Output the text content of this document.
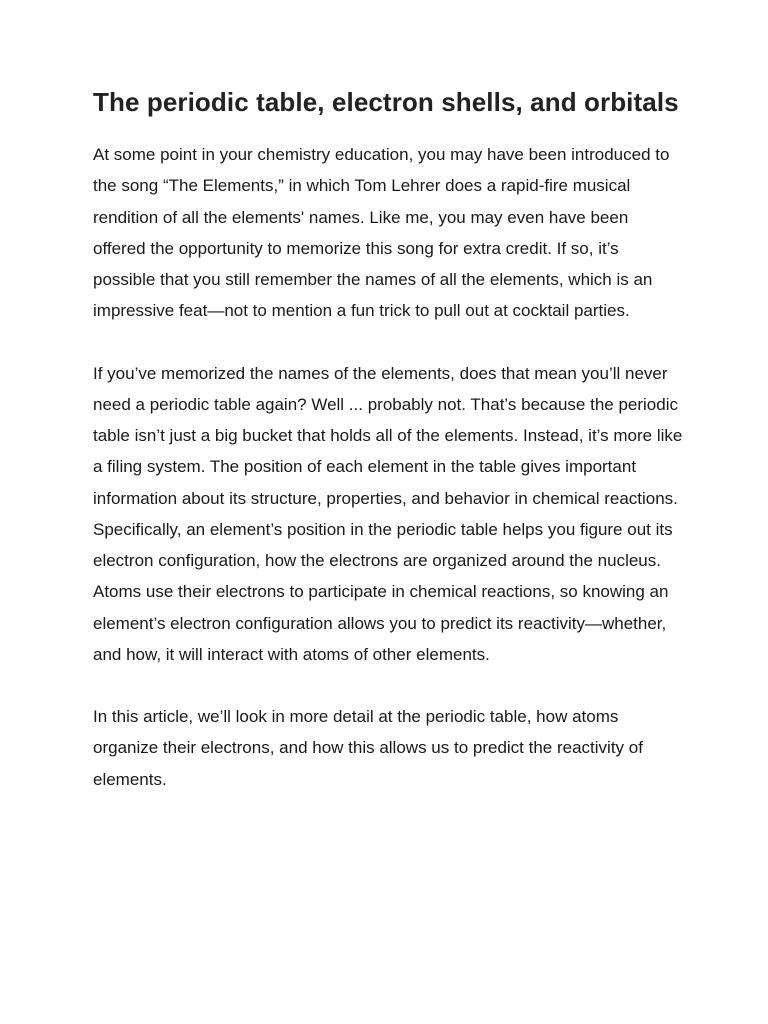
The periodic table, electron shells, and orbitals

At some point in your chemistry education, you may have been introduced to the song “The Elements,” in which Tom Lehrer does a rapid-fire musical rendition of all the elements' names. Like me, you may even have been offered the opportunity to memorize this song for extra credit. If so, it’s possible that you still remember the names of all the elements, which is an impressive feat—not to mention a fun trick to pull out at cocktail parties.

If you’ve memorized the names of the elements, does that mean you’ll never need a periodic table again? Well ... probably not. That’s because the periodic table isn’t just a big bucket that holds all of the elements. Instead, it’s more like a filing system. The position of each element in the table gives important information about its structure, properties, and behavior in chemical reactions. Specifically, an element’s position in the periodic table helps you figure out its electron configuration, how the electrons are organized around the nucleus. Atoms use their electrons to participate in chemical reactions, so knowing an element’s electron configuration allows you to predict its reactivity—whether, and how, it will interact with atoms of other elements.

In this article, we’ll look in more detail at the periodic table, how atoms organize their electrons, and how this allows us to predict the reactivity of elements.
